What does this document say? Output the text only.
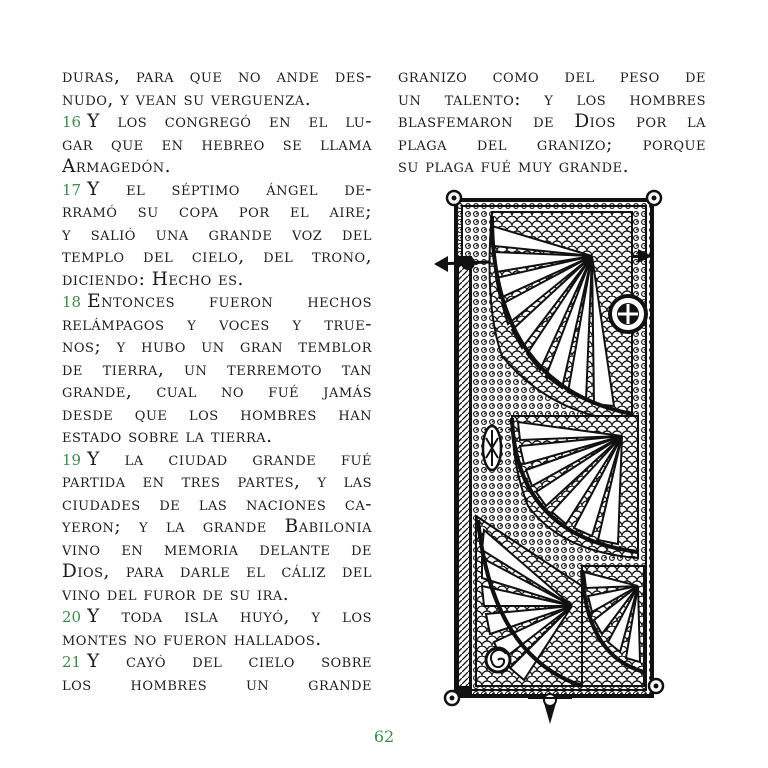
duras, para que no ande des-
nudo, y vean su verguenza.
16 Y los congregó en el lu-
gar que en hebreo se llama
Armagedón.
17 Y el séptimo ángel de-
rramó su copa por el aire;
y salió una grande voz del
templo del cielo, del trono,
diciendo: Hecho es.
18 Entonces fueron hechos
relámpagos y voces y true-
nos; y hubo un gran temblor
de tierra, un terremoto tan
grande, cual no fué jamás
desde que los hombres han
estado sobre la tierra.
19 Y la ciudad grande fué
partida en tres partes, y las
ciudades de las naciones ca-
yeron; y la grande Babilonia
vino en memoria delante de
Dios, para darle el cáliz del
vino del furor de su ira.
20 Y toda isla huyó, y los
montes no fueron hallados.
21 Y cayó del cielo sobre
los hombres un grande
granizo como del peso de
un talento: y los hombres
blasfemaron de Dios por la
plaga del granizo; porque
su plaga fué muy grande.
62
